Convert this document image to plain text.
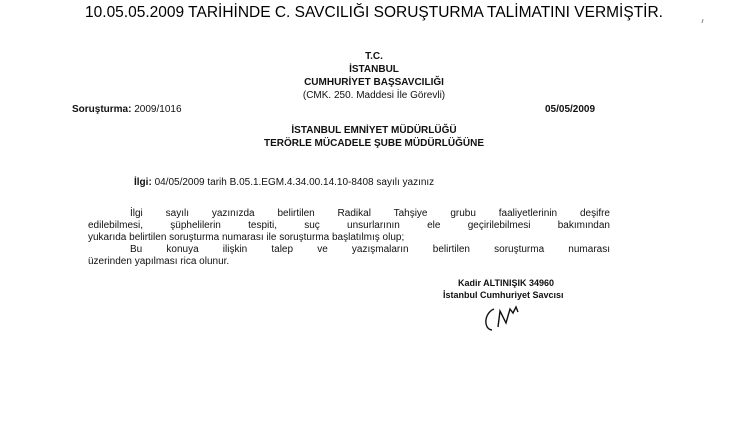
10.05.05.2009 TARİHİNDE C. SAVCILIĞI SORUŞTURMA TALİMATINI VERMİŞTİR.
T.C.
İSTANBUL
CUMHURİYET BAŞSAVCILIĞI
(CMK. 250. Maddesi İle Görevli)
Soruşturma: 2009/1016	05/05/2009
İSTANBUL EMNİYET MÜDÜRLÜĞÜ
TERÖRLE MÜCADELE ŞUBE MÜDÜRLÜĞÜNE
İlgi: 04/05/2009 tarih B.05.1.EGM.4.34.00.14.10-8408 sayılı yazınız

İlgi sayılı yazınızda belirtilen Radikal Tahşiye grubu faaliyetlerinin deşifre

edilebilmesi, şüphelilerin tespiti, suç unsurlarının ele geçirilebilmesi bakımından

yukarıda belirtilen soruşturma numarası ile soruşturma başlatılmış olup;

Bu konuya ilişkin talep ve yazışmaların belirtilen soruşturma numarası

üzerinden yapılması rica olunur.

Kadir ALTINIŞIK 34960
İstanbul Cumhuriyet Savcısı
